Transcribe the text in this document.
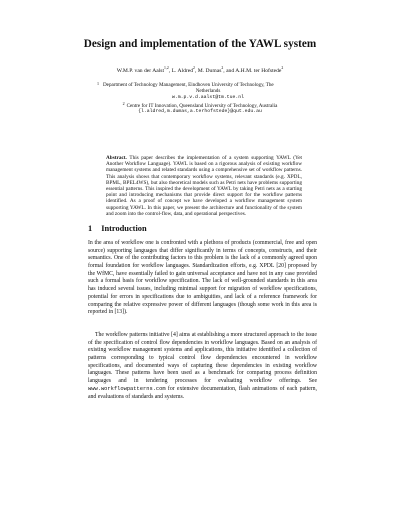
Design and implementation of the YAWL system
W.M.P. van der Aalst$^{1,2}$, L. Aldred$^2$, M. Dumas$^2$, and A.H.M. ter Hofstede$^2$
1 Department of Technology Management, Eindhoven University of Technology, The
Netherlands
w.m.p.v.d.aalst@tm.tue.nl
$^2$ Centre for IT Innovation, Queensland University of Technology, Australia
{l.aldred,m.dumas,a.terhofstede}@qut.edu.au
Abstract. This paper describes the implementation of a system supporting YAWL (Yet Another Workflow Language). YAWL is based on a rigorous analysis of existing workflow management systems and related standards using a comprehensive set of workflow patterns. This analysis shows that contemporary workflow systems, relevant standards (e.g. XPDL, BPML, BPEL4WS), but also theoretical models such as Petri nets have problems supporting essential patterns. This inspired the development of YAWL by taking Petri nets as a starting point and introducing mechanisms that provide direct support for the workflow patterns identified. As a proof of concept we have developed a workflow management system supporting YAWL. In this paper, we present the architecture and functionality of the system and zoom into the control-flow, data, and operational perspectives.
1 Introduction
In the area of workflow one is confronted with a plethora of products (commercial, free and open source) supporting languages that differ significantly in terms of concepts, constructs, and their semantics. One of the contributing factors to this problem is the lack of a commonly agreed upon formal foundation for workflow languages. Standardization efforts, e.g. XPDL [20] proposed by the WfMC, have essentially failed to gain universal acceptance and have not in any case provided such a formal basis for workflow specification. The lack of well-grounded standards in this area has induced several issues, including minimal support for migration of workflow specifications, potential for errors in specifications due to ambiguities, and lack of a reference framework for comparing the relative expressive power of different languages (though some work in this area is reported in [13]).
The workflow patterns initiative [4] aims at establishing a more structured approach to the issue of the specification of control flow dependencies in workflow languages. Based on an analysis of existing workflow management systems and applications, this initiative identified a collection of patterns corresponding to typical control flow dependencies encountered in workflow specifications, and documented ways of capturing these dependencies in existing workflow languages. These patterns have been used as a benchmark for comparing process definition languages and in tendering processes for evaluating workflow offerings. See www.workflowpatterns.com for extensive documentation, flash animations of each pattern, and evaluations of standards and systems.
